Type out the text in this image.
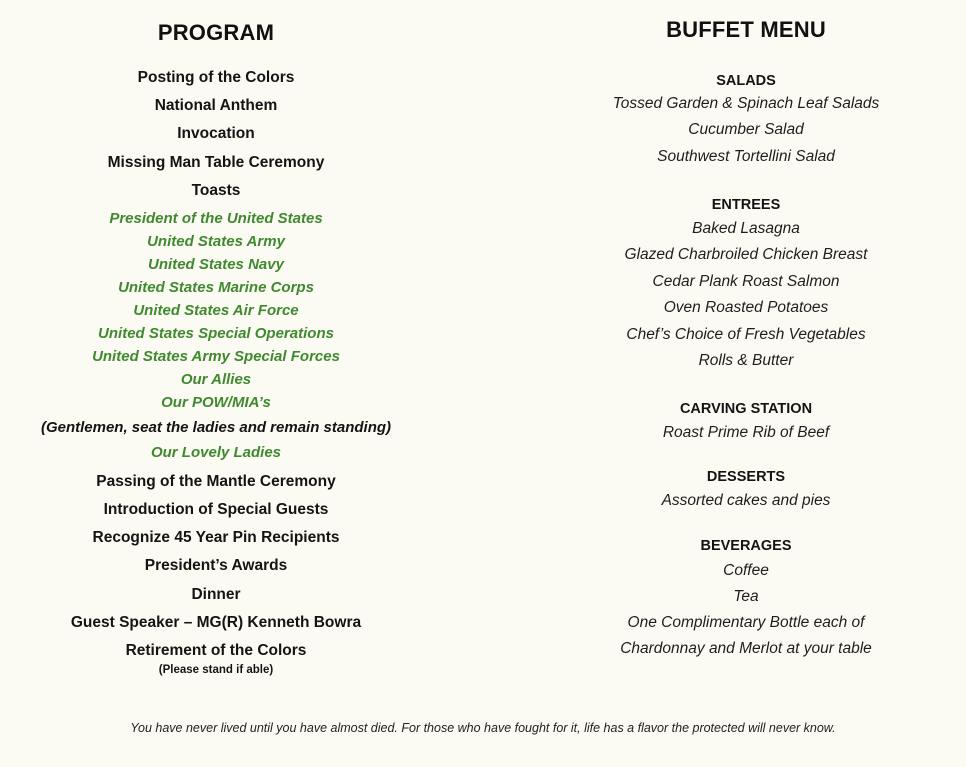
PROGRAM
Posting of the Colors
National Anthem
Invocation
Missing Man Table Ceremony
Toasts
President of the United States
United States Army
United States Navy
United States Marine Corps
United States Air Force
United States Special Operations
United States Army Special Forces
Our Allies
Our POW/MIA’s
(Gentlemen, seat the ladies and remain standing)
Our Lovely Ladies
Passing of the Mantle Ceremony
Introduction of Special Guests
Recognize 45 Year Pin Recipients
President’s Awards
Dinner
Guest Speaker – MG(R) Kenneth Bowra
Retirement of the Colors
(Please stand if able)
BUFFET MENU
SALADS
Tossed Garden & Spinach Leaf Salads
Cucumber Salad
Southwest Tortellini Salad
ENTREES
Baked Lasagna
Glazed Charbroiled Chicken Breast
Cedar Plank Roast Salmon
Oven Roasted Potatoes
Chef’s Choice of Fresh Vegetables
Rolls & Butter
CARVING STATION
Roast Prime Rib of Beef
DESSERTS
Assorted cakes and pies
BEVERAGES
Coffee
Tea
One Complimentary Bottle each of
Chardonnay and Merlot at your table
You have never lived until you have almost died. For those who have fought for it, life has a flavor the protected will never know.
